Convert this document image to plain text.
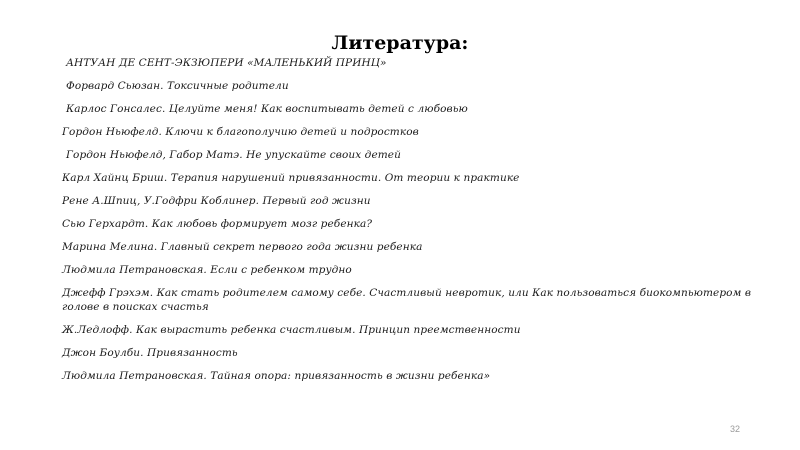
Литература:
АНТУАН ДЕ СЕНТ-ЭКЗЮПЕРИ «МАЛЕНЬКИЙ ПРИНЦ»
Форвард Сьюзан. Токсичные родители
Карлос Гонсалес. Целуйте меня! Как воспитывать детей с любовью
Гордон Ньюфелд. Ключи к благополучию детей и подростков
Гордон Ньюфелд, Габор Матэ. Не упускайте своих детей
Карл Хайнц Бриш. Терапия нарушений привязанности. От теории к практике
Рене А.Шпиц, У.Годфри Коблинер. Первый год жизни
Сью Герхардт. Как любовь формирует мозг ребенка?
Марина Мелина. Главный секрет первого года жизни ребенка
Людмила Петрановская. Если с ребенком трудно
Джефф Грэхэм. Как стать родителем самому себе. Счастливый невротик, или Как пользоваться биокомпьютером в голове в поисках счастья
Ж.Ледлофф. Как вырастить ребенка счастливым. Принцип преемственности
Джон Боулби. Привязанность
Людмила Петрановская. Тайная опора: привязанность в жизни ребенка»
32
